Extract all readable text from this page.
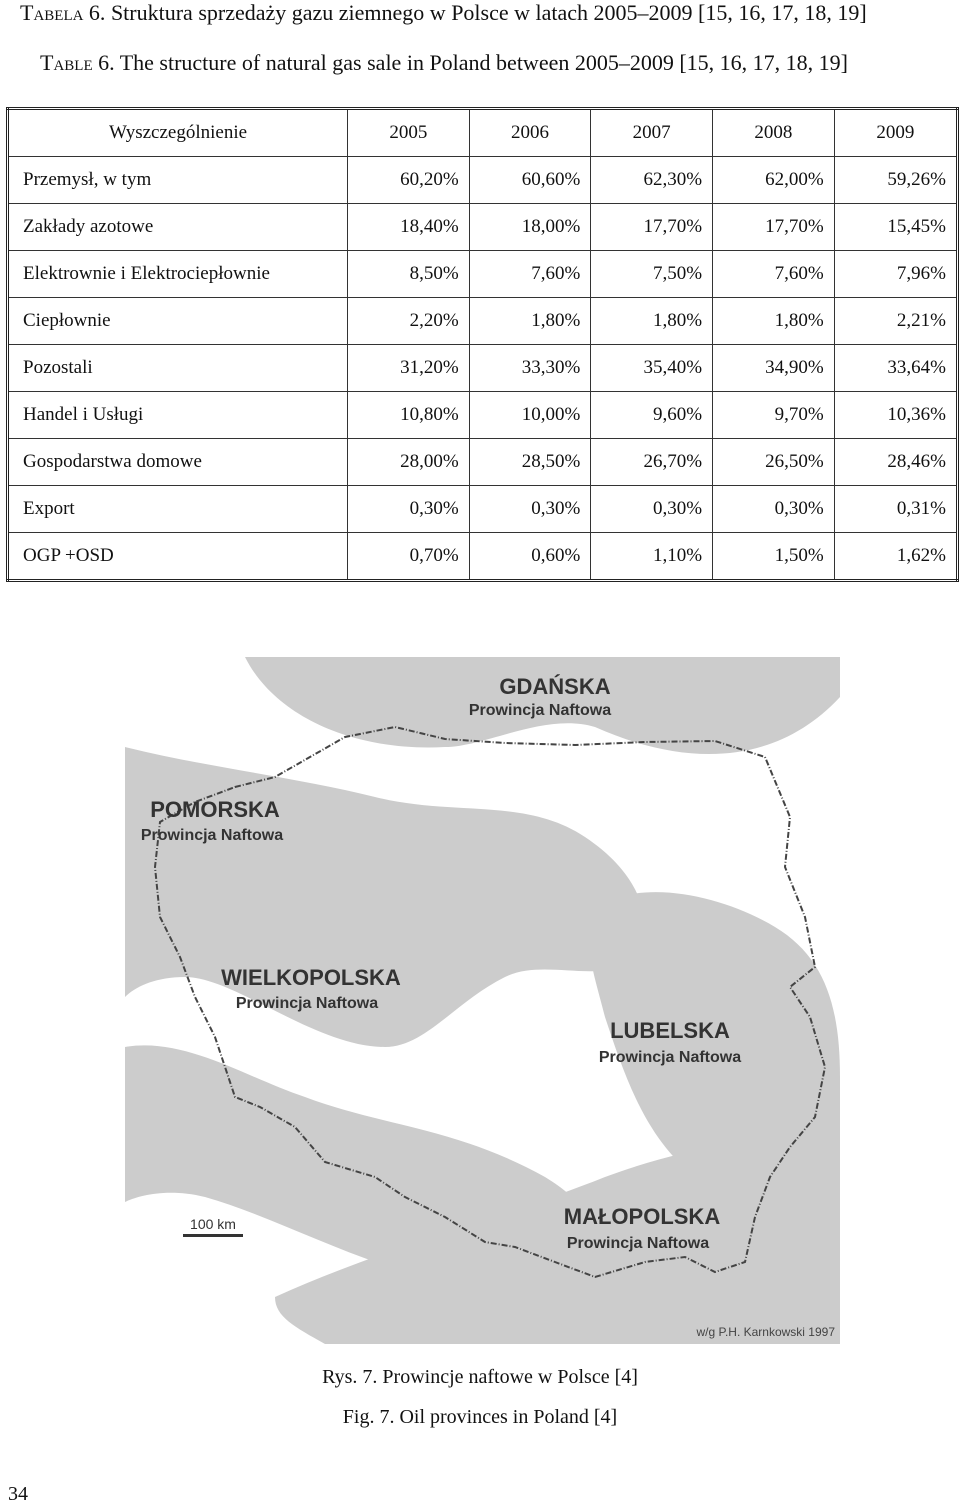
Tabela 6. Struktura sprzedaży gazu ziemnego w Polsce w latach 2005–2009 [15, 16, 17, 18, 19]
Table 6. The structure of natural gas sale in Poland between 2005–2009 [15, 16, 17, 18, 19]
Wyszczególnienie	2005	2006	2007	2008	2009
Przemysł, w tym	60,20%	60,60%	62,30%	62,00%	59,26%
Zakłady azotowe	18,40%	18,00%	17,70%	17,70%	15,45%
Elektrownie i Elektrociepłownie	8,50%	7,60%	7,50%	7,60%	7,96%
Ciepłownie	2,20%	1,80%	1,80%	1,80%	2,21%
Pozostali	31,20%	33,30%	35,40%	34,90%	33,64%
Handel i Usługi	10,80%	10,00%	9,60%	9,70%	10,36%
Gospodarstwa domowe	28,00%	28,50%	26,70%	26,50%	28,46%
Export	0,30%	0,30%	0,30%	0,30%	0,31%
OGP +OSD	0,70%	0,60%	1,10%	1,50%	1,62%
GDAŃSKA
Prowincja Naftowa
POMORSKA
Prowincja Naftowa
WIELKOPOLSKA
Prowincja Naftowa
LUBELSKA
Prowincja Naftowa
MAŁOPOLSKA
Prowincja Naftowa
100 km
w/g P.H. Karnkowski 1997
Rys. 7. Prowincje naftowe w Polsce [4]
Fig. 7. Oil provinces in Poland [4]
34
